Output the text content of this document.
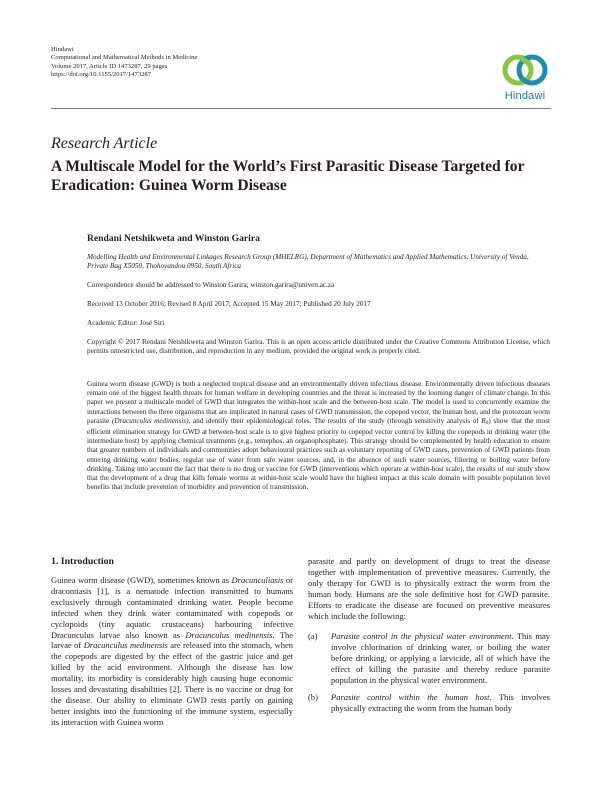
Hindawi
Computational and Mathematical Methods in Medicine
Volume 2017, Article ID 1473287, 29 pages
https://doi.org/10.1155/2017/1473287
Hindawi
Research Article
A Multiscale Model for the World’s First Parasitic Disease Targeted for Eradication: Guinea Worm Disease
Rendani Netshikweta and Winston Garira
Modelling Health and Environmental Linkages Research Group (MHELRG), Department of Mathematics and Applied Mathematics, University of Venda, Private Bag X5050, Thohoyandou 0950, South Africa
Correspondence should be addressed to Winston Garira; winston.garira@univen.ac.za
Received 13 October 2016; Revised 8 April 2017; Accepted 15 May 2017; Published 20 July 2017
Academic Editor: José Siri
Copyright © 2017 Rendani Netshikweta and Winston Garira. This is an open access article distributed under the Creative Commons Attribution License, which permits unrestricted use, distribution, and reproduction in any medium, provided the original work is properly cited.
Guinea worm disease (GWD) is both a neglected tropical disease and an environmentally driven infectious disease. Environmentally driven infectious diseases remain one of the biggest health threats for human welfare in developing countries and the threat is increased by the looming danger of climate change. In this paper we present a multiscale model of GWD that integrates the within-host scale and the between-host scale. The model is used to concurrently examine the interactions between the three organisms that are implicated in natural cases of GWD transmission, the copepod vector, the human host, and the protozoan worm parasite (Dracunculus medinensis), and identify their epidemiological roles. The results of the study (through sensitivity analysis of R0) show that the most efficient elimination strategy for GWD at between-host scale is to give highest priority to copepod vector control by killing the copepods in drinking water (the intermediate host) by applying chemical treatments (e.g., temephos, an organophosphate). This strategy should be complemented by health education to ensure that greater numbers of individuals and communities adopt behavioural practices such as voluntary reporting of GWD cases, prevention of GWD patients from entering drinking water bodies, regular use of water from safe water sources, and, in the absence of such water sources, filtering or boiling water before drinking. Taking into account the fact that there is no drug or vaccine for GWD (interventions which operate at within-host scale), the results of our study show that the development of a drug that kills female worms at within-host scale would have the highest impact at this scale domain with possible population level benefits that include prevention of morbidity and prevention of transmission.
1. Introduction

Guinea worm disease (GWD), sometimes known as Dracunculiasis or dracontiasis [1], is a nematode infection transmitted to humans exclusively through contaminated drinking water. People become infected when they drink water contaminated with copepods or cyclopoids (tiny aquatic crustaceans) harbouring infective Dracunculus larvae also known as Dracunculus medinensis. The larvae of Dracunculus medinensis are released into the stomach, when the copepods are digested by the effect of the gastric juice and get killed by the acid environment. Although the disease has low mortality, its morbidity is considerably high causing huge economic losses and devastating disabilities [2]. There is no vaccine or drug for the disease. Our ability to eliminate GWD rests partly on gaining better insights into the functioning of the immune system, especially its interaction with Guinea worm

parasite and partly on development of drugs to treat the disease together with implementation of preventive measures. Currently, the only therapy for GWD is to physically extract the worm from the human body. Humans are the sole definitive host for GWD parasite. Efforts to eradicate the disease are focused on preventive measures which include the following:

(a)	Parasite control in the physical water environment. This may involve chlorination of drinking water, or boiling the water before drinking, or applying a larvicide, all of which have the effect of killing the parasite and thereby reduce parasite population in the physical water environment.
(b)	Parasite control within the human host. This involves physically extracting the worm from the human body
